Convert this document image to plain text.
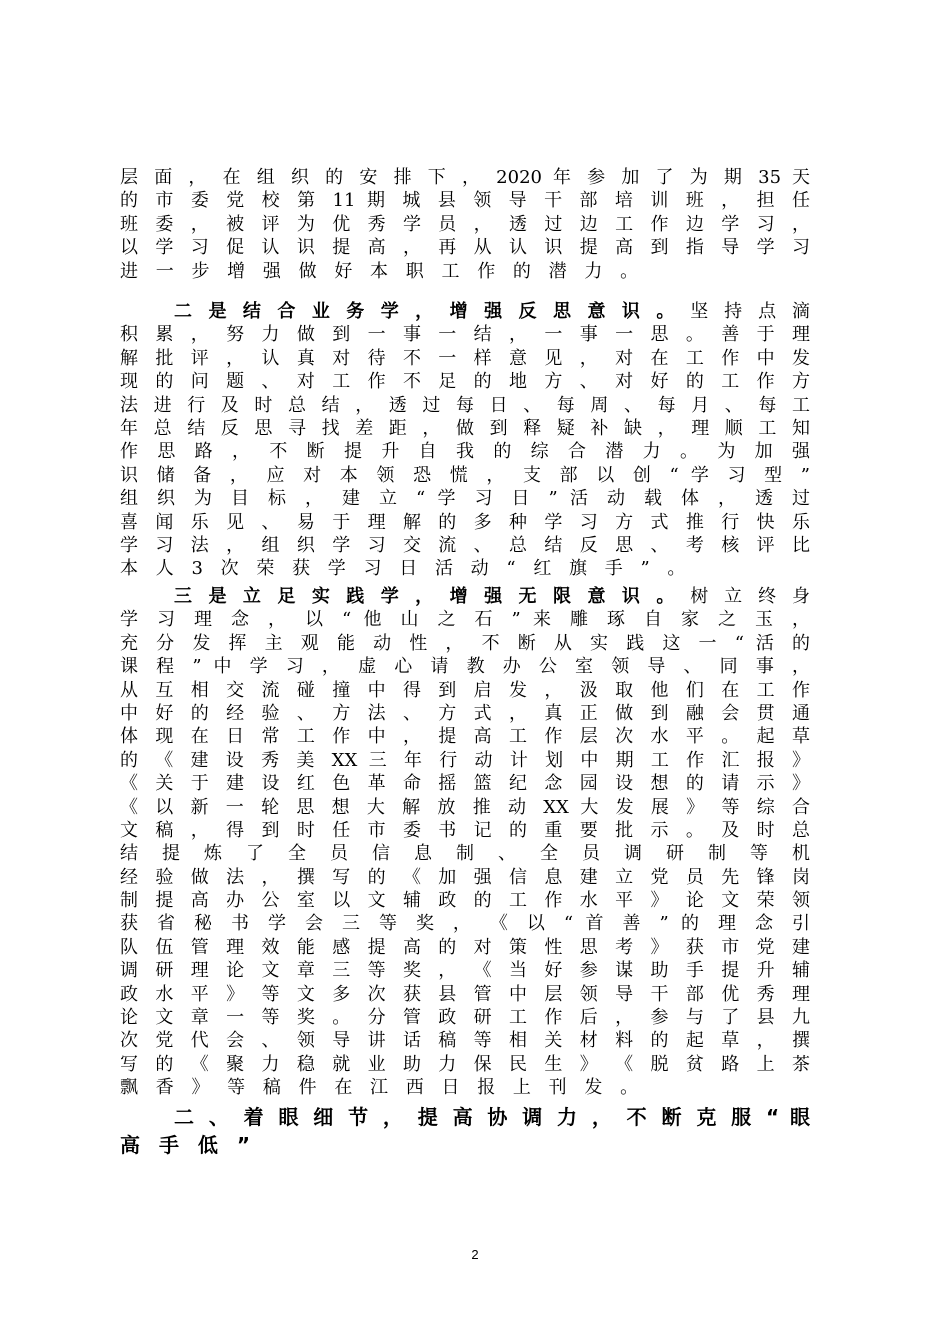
层 面 ， 在 组 织 的 安 排 下 ， 2020 年 参 加 了 为 期 35 天
的 市 委 党 校 第 11 期 城 县 领 导 干 部 培 训 班 ， 担 任
班 委 ， 被 评 为 优 秀 学 员 ， 透 过 边 工 作 边 学 习 ，
以 学 习 促 认 识 提 高 ， 再 从 认 识 提 高 到 指 导 学 习
进 一 步 增 强 做 好 本 职 工 作 的 潜 力 。
二 是 结 合 业 务 学 ， 增 强 反 思 意 识 。 坚 持 点 滴
积 累 ， 努 力 做 到 一 事 一 结 ， 一 事 一 思 。 善 于 理
解 批 评 ， 认 真 对 待 不 一 样 意 见 ， 对 在 工 作 中 发
现 的 问 题 、 对 工 作 不 足 的 地 方 、 对 好 的 工 作 方
法 进 行 及 时 总 结 ， 透 过 每 日 、 每 周 、 每 月 、 每 工
年 总 结 反 思 寻 找 差 距 ， 做 到 释 疑 补 缺 ， 理 顺 工 知
作 思 路 ， 不 断 提 升 自 我 的 综 合 潜 力 。 为 加 强
识 储 备 ， 应 对 本 领 恐 慌 ， 支 部 以 创 “ 学 习 型 ”
组 织 为 目 标 ， 建 立 “ 学 习 日 ” 活 动 载 体 ， 透 过
喜 闻 乐 见 、 易 于 理 解 的 多 种 学 习 方 式 推 行 快 乐
学 习 法 ， 组 织 学 习 交 流 、 总 结 反 思 、 考 核 评 比
本 人 3 次 荣 获 学 习 日 活 动 “ 红 旗 手 ” 。
三 是 立 足 实 践 学 ， 增 强 无 限 意 识 。 树 立 终 身
学 习 理 念 ， 以 “ 他 山 之 石 ” 来 雕 琢 自 家 之 玉 ，
充 分 发 挥 主 观 能 动 性 ， 不 断 从 实 践 这 一 “ 活 的
课 程 ” 中 学 习 ， 虚 心 请 教 办 公 室 领 导 、 同 事 ，
从 互 相 交 流 碰 撞 中 得 到 启 发 ， 汲 取 他 们 在 工 作
中 好 的 经 验 、 方 法 、 方 式 ， 真 正 做 到 融 会 贯 通
体 现 在 日 常 工 作 中 ， 提 高 工 作 层 次 水 平 。 起 草
的 《 建 设 秀 美 XX 三 年 行 动 计 划 中 期 工 作 汇 报 》
《 关 于 建 设 红 色 革 命 摇 篮 纪 念 园 设 想 的 请 示 》
《 以 新 一 轮 思 想 大 解 放 推 动 XX 大 发 展 》 等 综 合
文 稿 ， 得 到 时 任 市 委 书 记 的 重 要 批 示 。 及 时 总
结 提 炼 了 全 员 信 息 制 、 全 员 调 研 制 等 机
经 验 做 法 ， 撰 写 的 《 加 强 信 息 建 立 党 员 先 锋 岗
制 提 高 办 公 室 以 文 辅 政 的 工 作 水 平 》 论 文 荣 领
获 省 秘 书 学 会 三 等 奖 ， 《 以 “ 首 善 ” 的 理 念 引
队 伍 管 理 效 能 感 提 高 的 对 策 性 思 考 》 获 市 党 建
调 研 理 论 文 章 三 等 奖 ， 《 当 好 参 谋 助 手 提 升 辅
政 水 平 》 等 文 多 次 获 县 管 中 层 领 导 干 部 优 秀 理
论 文 章 一 等 奖 。 分 管 政 研 工 作 后 ， 参 与 了 县 九
次 党 代 会 、 领 导 讲 话 稿 等 相 关 材 料 的 起 草 ， 撰
写 的 《 聚 力 稳 就 业 助 力 保 民 生 》 《 脱 贫 路 上 茶
飘 香 》 等 稿 件 在 江 西 日 报 上 刊 发 。
二 、 着 眼 细 节 ， 提 高 协 调 力 ， 不 断 克 服 “ 眼
高 手 低 ”
2
